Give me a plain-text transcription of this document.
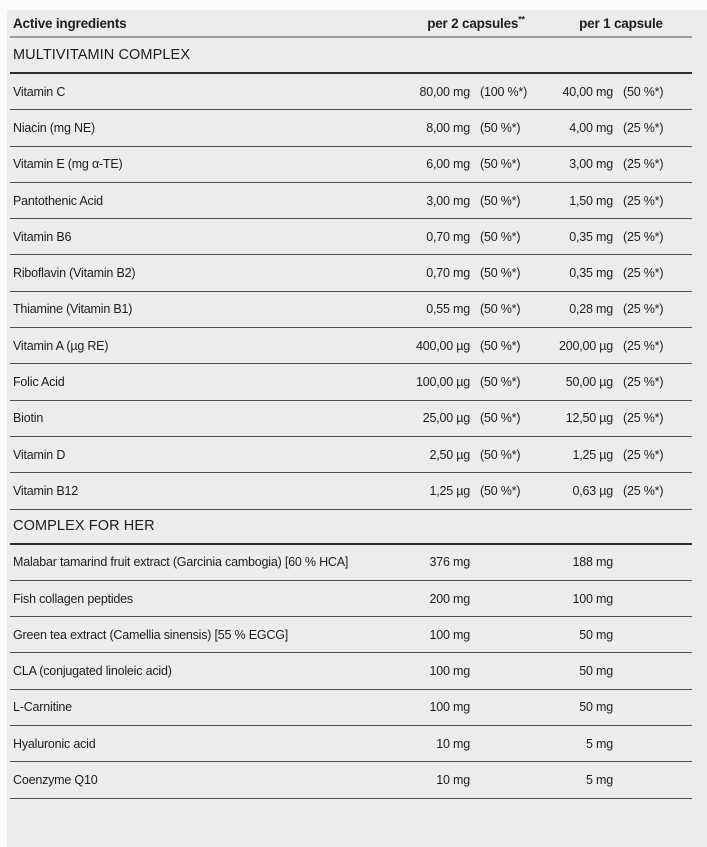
Active ingredients	per 2 capsules**	per 1 capsule
MULTIVITAMIN COMPLEX
Vitamin C	80,00 mg (100 %*)	40,00 mg (50 %*)
Niacin (mg NE)	8,00 mg (50 %*)	4,00 mg (25 %*)
Vitamin E (mg α-TE)	6,00 mg (50 %*)	3,00 mg (25 %*)
Pantothenic Acid	3,00 mg (50 %*)	1,50 mg (25 %*)
Vitamin B6	0,70 mg (50 %*)	0,35 mg (25 %*)
Riboflavin (Vitamin B2)	0,70 mg (50 %*)	0,35 mg (25 %*)
Thiamine (Vitamin B1)	0,55 mg (50 %*)	0,28 mg (25 %*)
Vitamin A (µg RE)	400,00 µg (50 %*)	200,00 µg (25 %*)
Folic Acid	100,00 µg (50 %*)	50,00 µg (25 %*)
Biotin	25,00 µg (50 %*)	12,50 µg (25 %*)
Vitamin D	2,50 µg (50 %*)	1,25 µg (25 %*)
Vitamin B12	1,25 µg (50 %*)	0,63 µg (25 %*)
COMPLEX FOR HER
Malabar tamarind fruit extract (Garcinia cambogia) [60 % HCA]	376 mg	188 mg
Fish collagen peptides	200 mg	100 mg
Green tea extract (Camellia sinensis) [55 % EGCG]	100 mg	50 mg
CLA (conjugated linoleic acid)	100 mg	50 mg
L-Carnitine	100 mg	50 mg
Hyaluronic acid	10 mg	5 mg
Coenzyme Q10	10 mg	5 mg
